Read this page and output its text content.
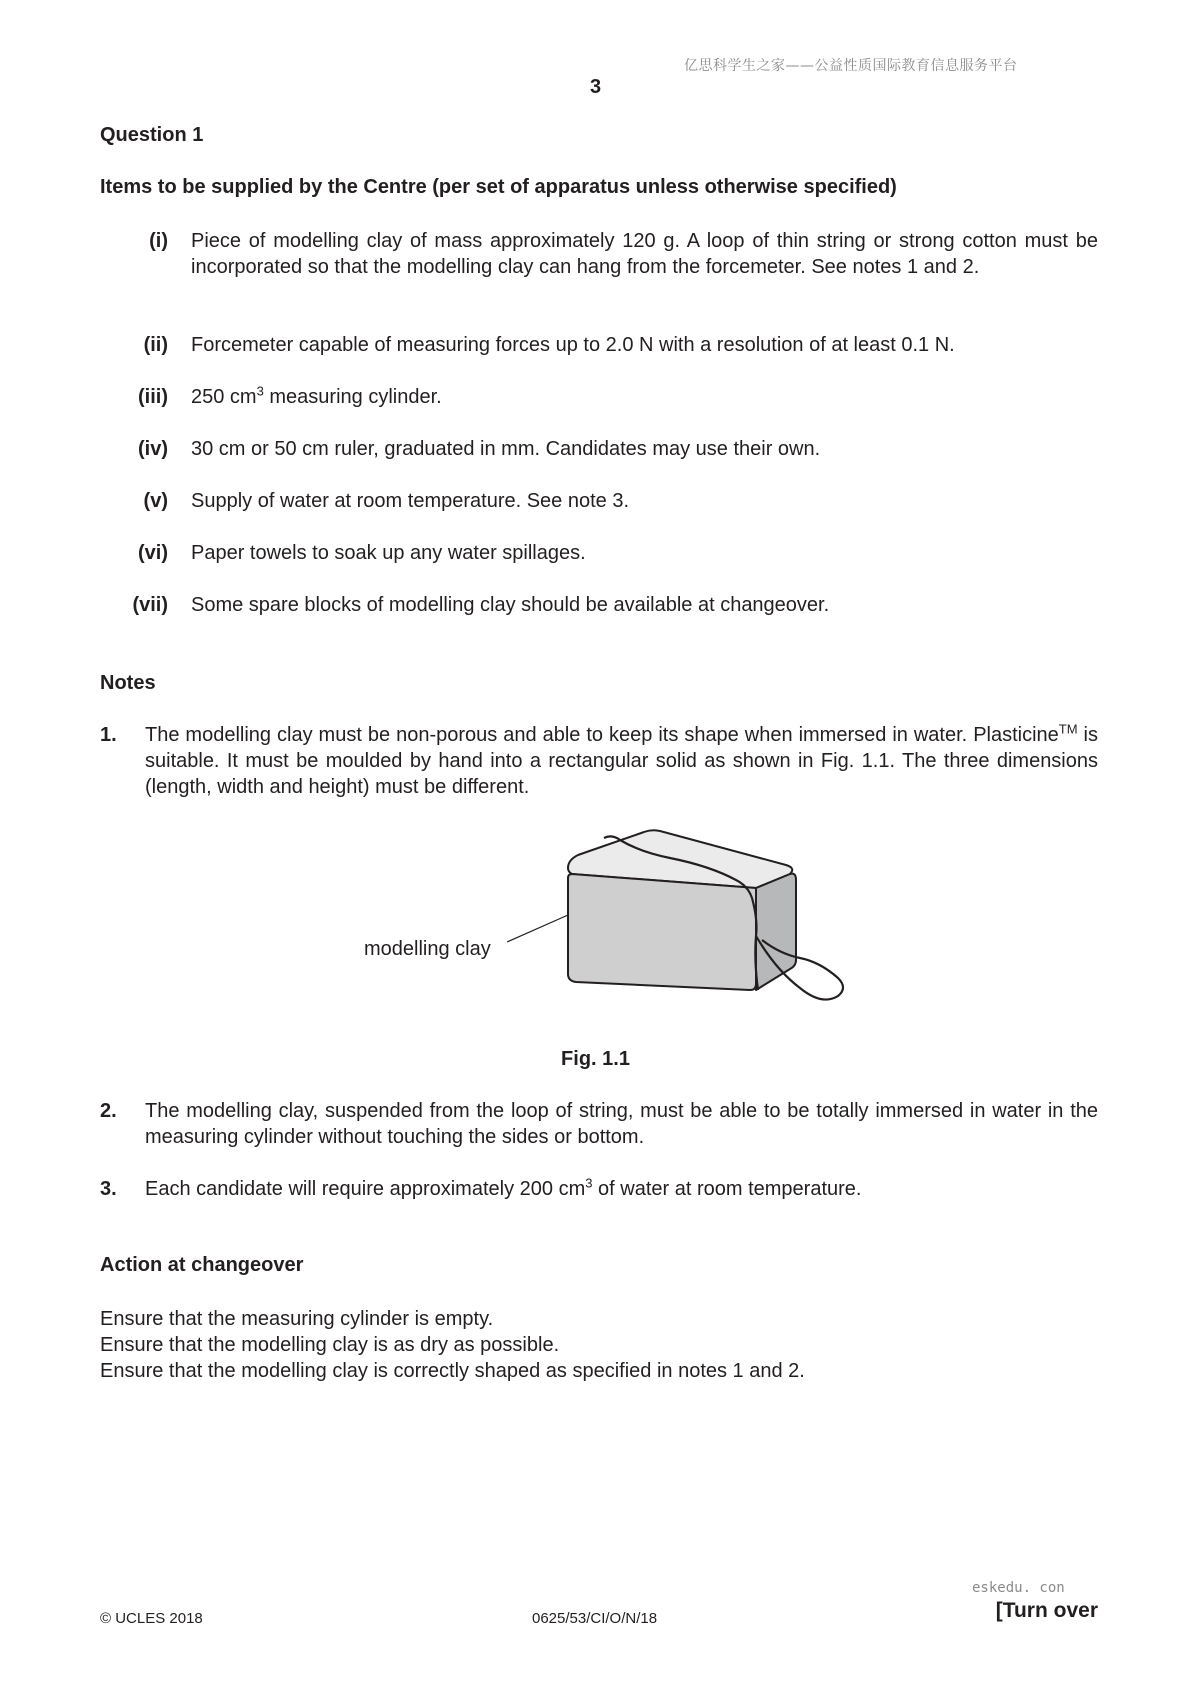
亿思科学生之家——公益性质国际教育信息服务平台
3
Question 1
Items to be supplied by the Centre (per set of apparatus unless otherwise specified)
(i) Piece of modelling clay of mass approximately 120 g. A loop of thin string or strong cotton must be incorporated so that the modelling clay can hang from the forcemeter. See notes 1 and 2.
(ii) Forcemeter capable of measuring forces up to 2.0 N with a resolution of at least 0.1 N.
(iii) 250 $cm^3$ measuring cylinder.
(iv) 30 cm or 50 cm ruler, graduated in mm. Candidates may use their own.
(v) Supply of water at room temperature. See note 3.
(vi) Paper towels to soak up any water spillages.
(vii) Some spare blocks of modelling clay should be available at changeover.
Notes
1. The modelling clay must be non-porous and able to keep its shape when immersed in water. Plasticine™ is suitable. It must be moulded by hand into a rectangular solid as shown in Fig. 1.1. The three dimensions (length, width and height) must be different.
modelling clay
Fig. 1.1
2. The modelling clay, suspended from the loop of string, must be able to be totally immersed in water in the measuring cylinder without touching the sides or bottom.
3. Each candidate will require approximately 200 $cm^3$ of water at room temperature.
Action at changeover
Ensure that the measuring cylinder is empty.
Ensure that the modelling clay is as dry as possible.
Ensure that the modelling clay is correctly shaped as specified in notes 1 and 2.
eskedu. con
© UCLES 2018	0625/53/CI/O/N/18	[Turn over
